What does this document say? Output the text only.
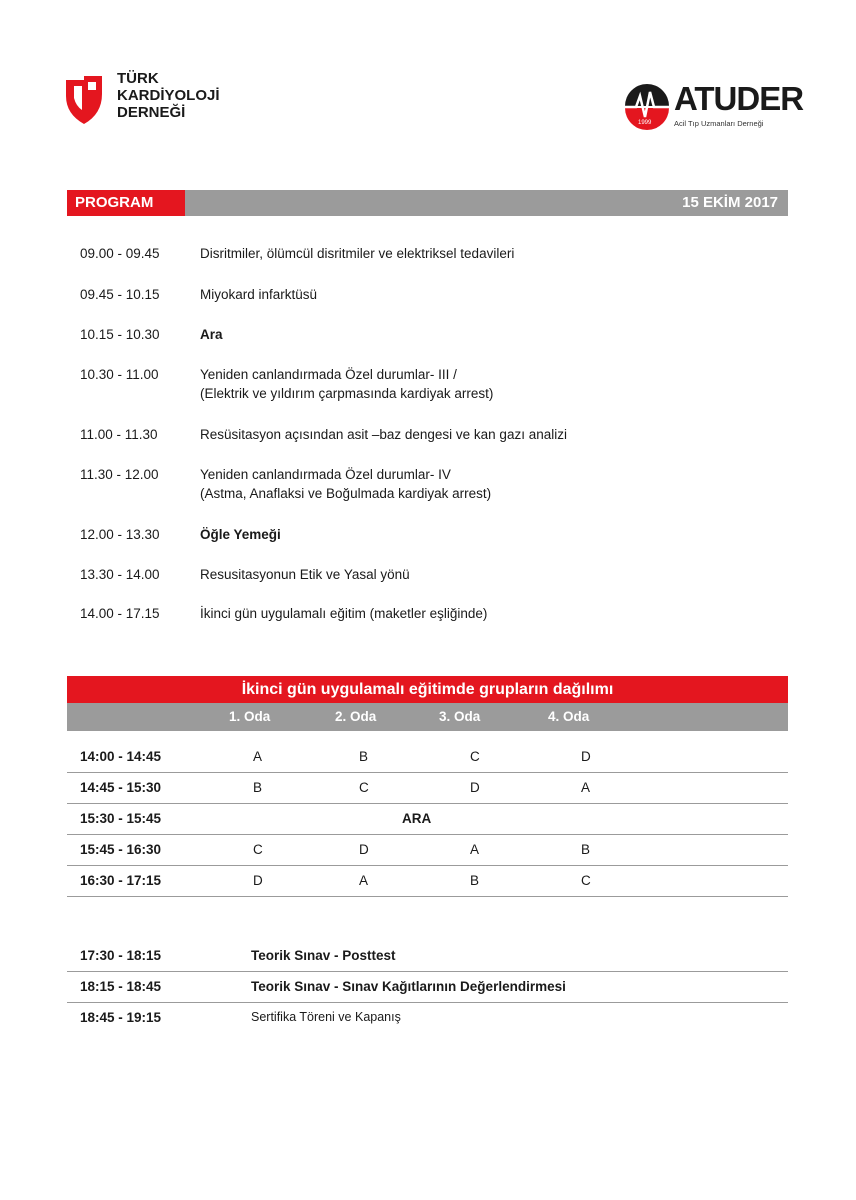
TÜRK
KARDİYOLOJİ
DERNEĞİ
1999
ATUDER
Acil Tıp Uzmanları Derneği
PROGRAM	15 EKİM 2017
09.00 - 09.45	Disritmiler, ölümcül disritmiler ve elektriksel tedavileri
09.45 - 10.15	Miyokard infarktüsü
10.15 - 10.30	Ara
10.30 - 11.00	Yeniden canlandırmada Özel durumlar- III /
(Elektrik ve yıldırım çarpmasında kardiyak arrest)
11.00 - 11.30	Resüsitasyon açısından asit –baz dengesi ve kan gazı analizi
11.30 - 12.00	Yeniden canlandırmada Özel durumlar- IV
(Astma, Anaflaksi ve Boğulmada kardiyak arrest)
12.00 - 13.30	Öğle Yemeği
13.30 - 14.00	Resusitasyonun Etik ve Yasal yönü
14.00 - 17.15	İkinci gün uygulamalı eğitim (maketler eşliğinde)
İkinci gün uygulamalı eğitimde grupların dağılımı
1. Oda	2. Oda	3. Oda	4. Oda
14:00 - 14:45	A	B	C	D
14:45 - 15:30	B	C	D	A
15:30 - 15:45	ARA
15:45 - 16:30	C	D	A	B
16:30 - 17:15	D	A	B	C
17:30 - 18:15	Teorik Sınav - Posttest
18:15 - 18:45	Teorik Sınav - Sınav Kağıtlarının Değerlendirmesi
18:45 - 19:15	Sertifika Töreni ve Kapanış
